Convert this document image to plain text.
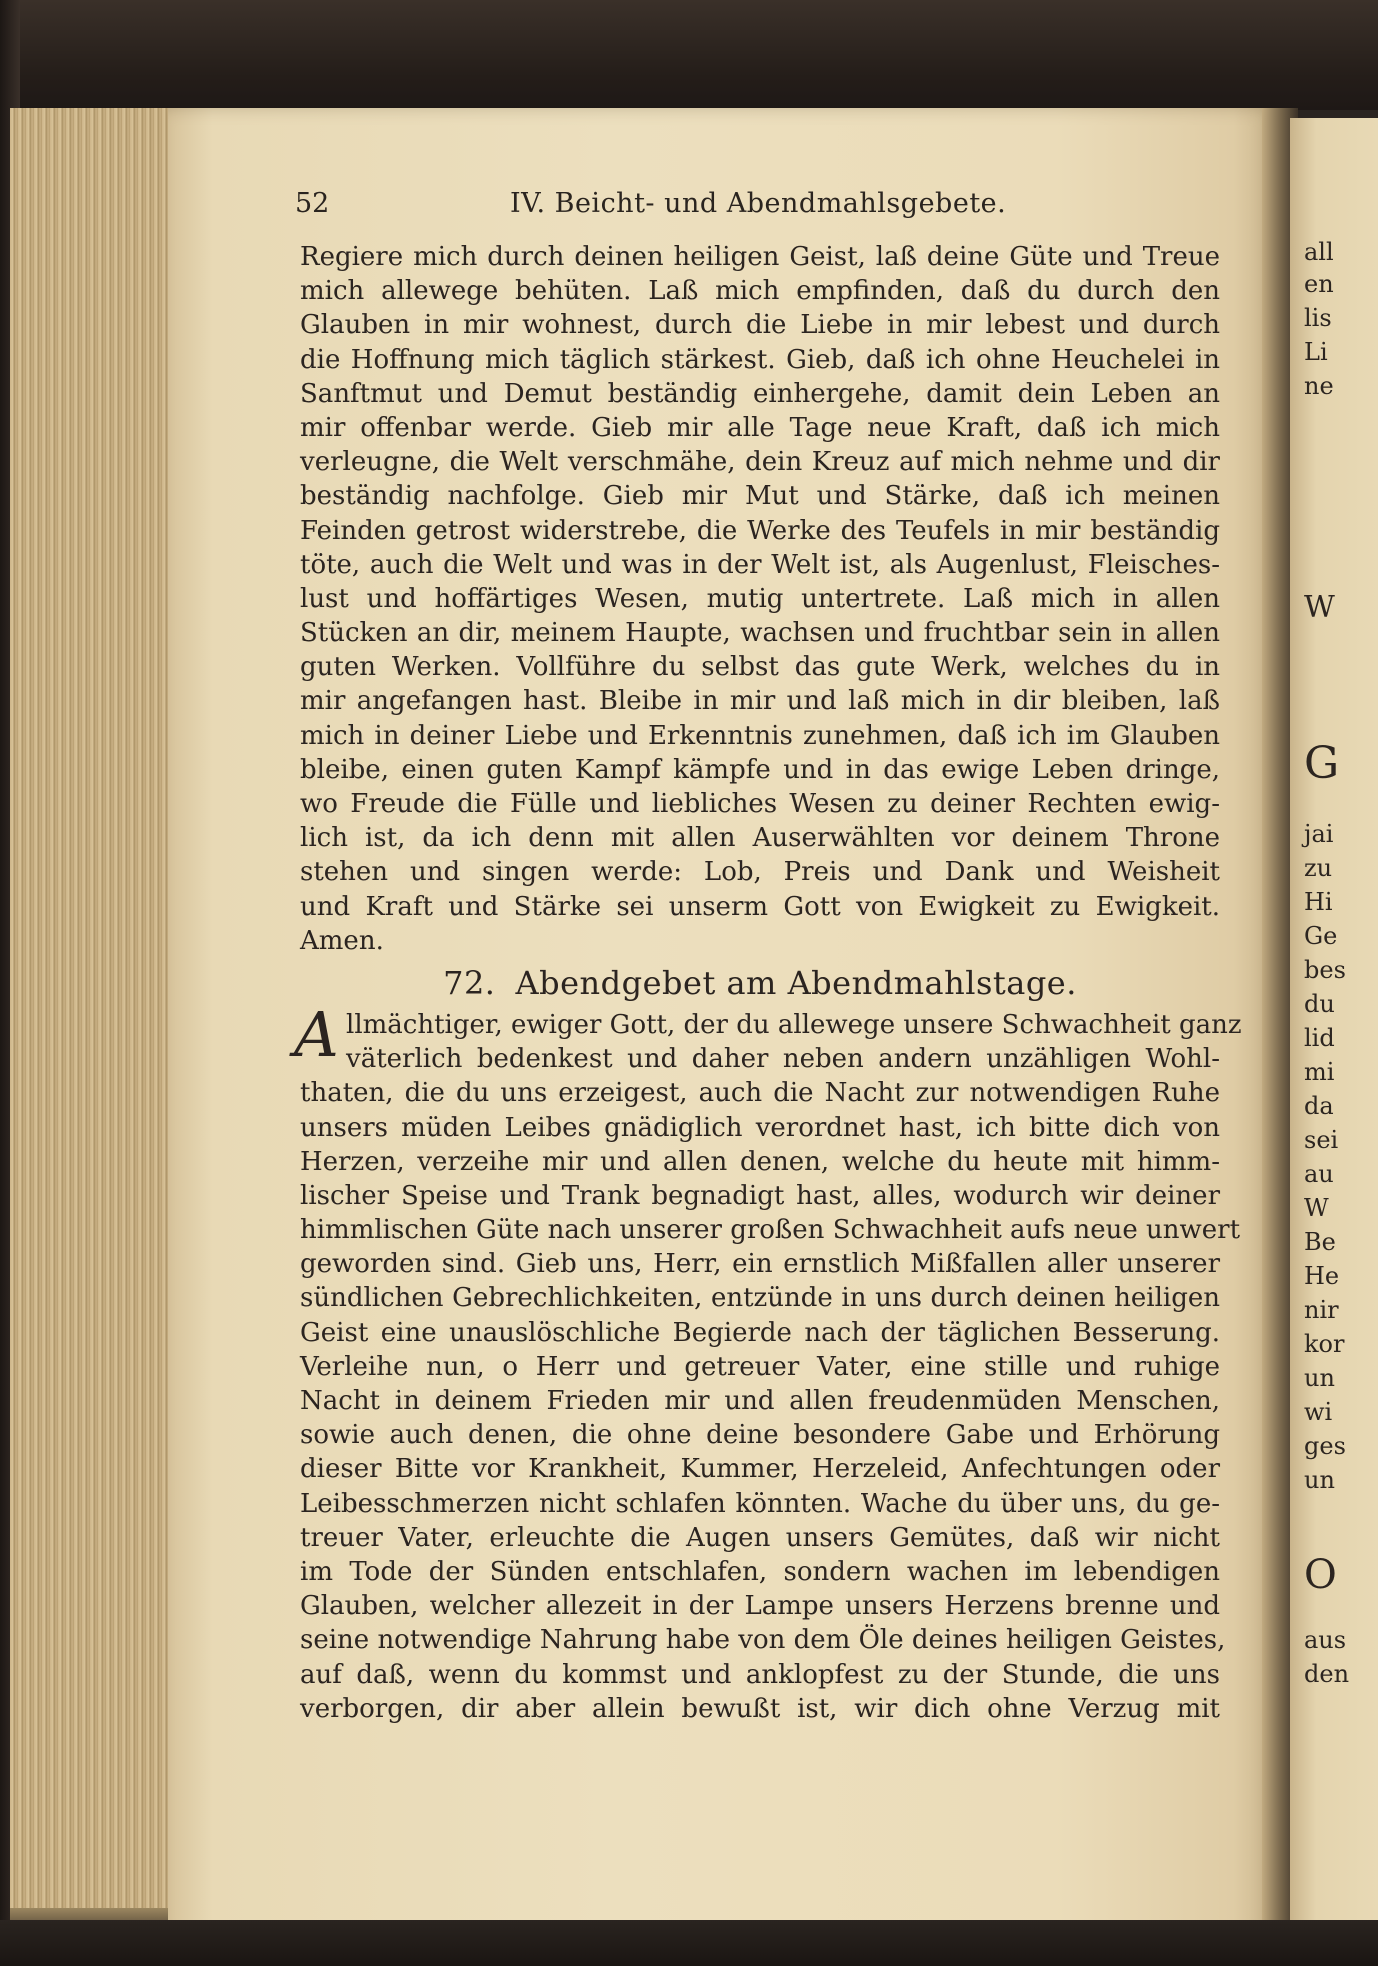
all
en
lis
Li
ne
W
G
jai
zu
Hi
Ge
bes
du
lid
mi
da
sei
au
W
Be
He
nir
kor
un
wi
ges
un
O
aus
den
52	IV. Beicht- und Abendmahlsgebete.
Regiere mich durch deinen heiligen Geist, laß deine Güte und Treue
mich allewege behüten. Laß mich empfinden, daß du durch den
Glauben in mir wohnest, durch die Liebe in mir lebest und durch
die Hoffnung mich täglich stärkest. Gieb, daß ich ohne Heuchelei in
Sanftmut und Demut beständig einhergehe, damit dein Leben an
mir offenbar werde. Gieb mir alle Tage neue Kraft, daß ich mich
verleugne, die Welt verschmähe, dein Kreuz auf mich nehme und dir
beständig nachfolge. Gieb mir Mut und Stärke, daß ich meinen
Feinden getrost widerstrebe, die Werke des Teufels in mir beständig
töte, auch die Welt und was in der Welt ist, als Augenlust, Fleisches-
lust und hoffärtiges Wesen, mutig untertrete. Laß mich in allen
Stücken an dir, meinem Haupte, wachsen und fruchtbar sein in allen
guten Werken. Vollführe du selbst das gute Werk, welches du in
mir angefangen hast. Bleibe in mir und laß mich in dir bleiben, laß
mich in deiner Liebe und Erkenntnis zunehmen, daß ich im Glauben
bleibe, einen guten Kampf kämpfe und in das ewige Leben dringe,
wo Freude die Fülle und liebliches Wesen zu deiner Rechten ewig-
lich ist, da ich denn mit allen Auserwählten vor deinem Throne
stehen und singen werde: Lob, Preis und Dank und Weisheit
und Kraft und Stärke sei unserm Gott von Ewigkeit zu Ewigkeit.
Amen.
72. Abendgebet am Abendmahlstage.
A llmächtiger, ewiger Gott, der du allewege unsere Schwachheit ganz
väterlich bedenkest und daher neben andern unzähligen Wohl-
thaten, die du uns erzeigest, auch die Nacht zur notwendigen Ruhe
unsers müden Leibes gnädiglich verordnet hast, ich bitte dich von
Herzen, verzeihe mir und allen denen, welche du heute mit himm-
lischer Speise und Trank begnadigt hast, alles, wodurch wir deiner
himmlischen Güte nach unserer großen Schwachheit aufs neue unwert
geworden sind. Gieb uns, Herr, ein ernstlich Mißfallen aller unserer
sündlichen Gebrechlichkeiten, entzünde in uns durch deinen heiligen
Geist eine unauslöschliche Begierde nach der täglichen Besserung.
Verleihe nun, o Herr und getreuer Vater, eine stille und ruhige
Nacht in deinem Frieden mir und allen freudenmüden Menschen,
sowie auch denen, die ohne deine besondere Gabe und Erhörung
dieser Bitte vor Krankheit, Kummer, Herzeleid, Anfechtungen oder
Leibesschmerzen nicht schlafen könnten. Wache du über uns, du ge-
treuer Vater, erleuchte die Augen unsers Gemütes, daß wir nicht
im Tode der Sünden entschlafen, sondern wachen im lebendigen
Glauben, welcher allezeit in der Lampe unsers Herzens brenne und
seine notwendige Nahrung habe von dem Öle deines heiligen Geistes,
auf daß, wenn du kommst und anklopfest zu der Stunde, die uns
verborgen, dir aber allein bewußt ist, wir dich ohne Verzug mit
